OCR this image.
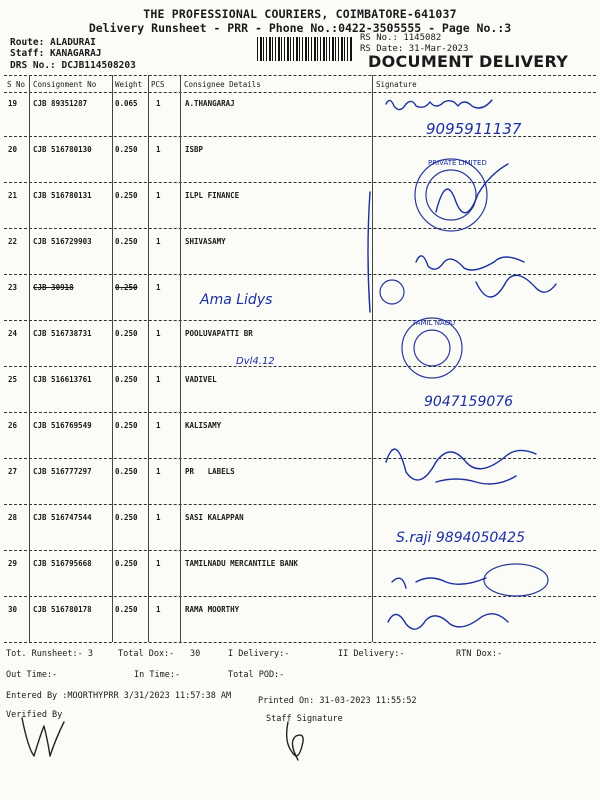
THE PROFESSIONAL COURIERS, COIMBATORE-641037
Delivery Runsheet - PRR - Phone No.:0422-3505555 - Page No.:3
Route: ALADURAI
Staff: KANAGARAJ
DRS No.: DCJB114508203
RS No.: 1145082
RS Date: 31-Mar-2023
DOCUMENT DELIVERY
S No Consignment No	Weight PCS	Consignee Details	Signature
19 CJB 89351287	0.065 1	A.THANGARAJ
20 CJB 516780130	0.250 1	ISBP
21 CJB 516780131	0.250 1	ILPL FINANCE
22 CJB 516729903	0.250 1	SHIVASAMY
23 CJB 30918	0.250 1
24 CJB 516738731	0.250 1	POOLUVAPATTI BR
25 CJB 516613761	0.250 1	VADIVEL
26 CJB 516769549	0.250 1	KALISAMY
27 CJB 516777297	0.250 1	PR   LABELS
28 CJB 516747544	0.250 1	SASI KALAPPAN
29 CJB 516795668	0.250 1	TAMILNADU MERCANTILE BANK
30 CJB 516780178	0.250 1	RAMA MOORTHY
9095911137
PRIVATE LIMITED
TAMIL NADU
9047159076
S.raji 9894050425
Ama Lidys
Dvl4.12
Tot. Runsheet:- 3	Total Dox:- 30	I Delivery:-	II Delivery:-	RTN Dox:-
Out Time:-	In Time:-	Total POD:-
Entered By :MOORTHYPRR 3/31/2023 11:57:38 AM	Printed On: 31-03-2023 11:55:52
Verified By	Staff Signature
